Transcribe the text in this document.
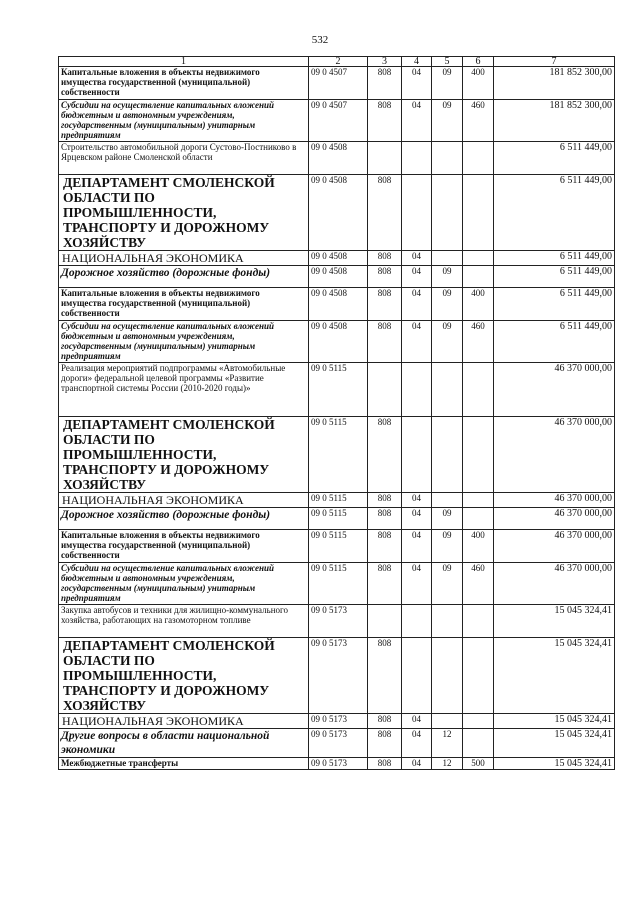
532
1	2	3	4	5	6	7
Капитальные вложения в объекты недвижимого имущества государственной (муниципальной) собственности	09 0 4507	808	04	09	400	181 852 300,00
Субсидии на осуществление капитальных вложений бюджетным и автономным учреждениям, государственным (муниципальным) унитарным предприятиям	09 0 4507	808	04	09	460	181 852 300,00
Строительство автомобильной дороги Сустово-Постниково в Ярцевском районе Смоленской области	09 0 4508					6 511 449,00
ДЕПАРТАМЕНТ СМОЛЕНСКОЙ ОБЛАСТИ ПО ПРОМЫШЛЕННОСТИ, ТРАНСПОРТУ И ДОРОЖНОМУ ХОЗЯЙСТВУ	09 0 4508	808				6 511 449,00
НАЦИОНАЛЬНАЯ ЭКОНОМИКА	09 0 4508	808	04			6 511 449,00
Дорожное хозяйство (дорожные фонды)	09 0 4508	808	04	09		6 511 449,00
Капитальные вложения в объекты недвижимого имущества государственной (муниципальной) собственности	09 0 4508	808	04	09	400	6 511 449,00
Субсидии на осуществление капитальных вложений бюджетным и автономным учреждениям, государственным (муниципальным) унитарным предприятиям	09 0 4508	808	04	09	460	6 511 449,00
Реализация мероприятий подпрограммы «Автомобильные дороги» федеральной целевой программы «Развитие транспортной системы России (2010-2020 годы)»	09 0 5115					46 370 000,00
ДЕПАРТАМЕНТ СМОЛЕНСКОЙ ОБЛАСТИ ПО ПРОМЫШЛЕННОСТИ, ТРАНСПОРТУ И ДОРОЖНОМУ ХОЗЯЙСТВУ	09 0 5115	808				46 370 000,00
НАЦИОНАЛЬНАЯ ЭКОНОМИКА	09 0 5115	808	04			46 370 000,00
Дорожное хозяйство (дорожные фонды)	09 0 5115	808	04	09		46 370 000,00
Капитальные вложения в объекты недвижимого имущества государственной (муниципальной) собственности	09 0 5115	808	04	09	400	46 370 000,00
Субсидии на осуществление капитальных вложений бюджетным и автономным учреждениям, государственным (муниципальным) унитарным предприятиям	09 0 5115	808	04	09	460	46 370 000,00
Закупка автобусов и техники для жилищно-коммунального хозяйства, работающих на газомоторном топливе	09 0 5173					15 045 324,41
ДЕПАРТАМЕНТ СМОЛЕНСКОЙ ОБЛАСТИ ПО ПРОМЫШЛЕННОСТИ, ТРАНСПОРТУ И ДОРОЖНОМУ ХОЗЯЙСТВУ	09 0 5173	808				15 045 324,41
НАЦИОНАЛЬНАЯ ЭКОНОМИКА	09 0 5173	808	04			15 045 324,41
Другие вопросы в области национальной экономики	09 0 5173	808	04	12		15 045 324,41
Межбюджетные трансферты	09 0 5173	808	04	12	500	15 045 324,41
